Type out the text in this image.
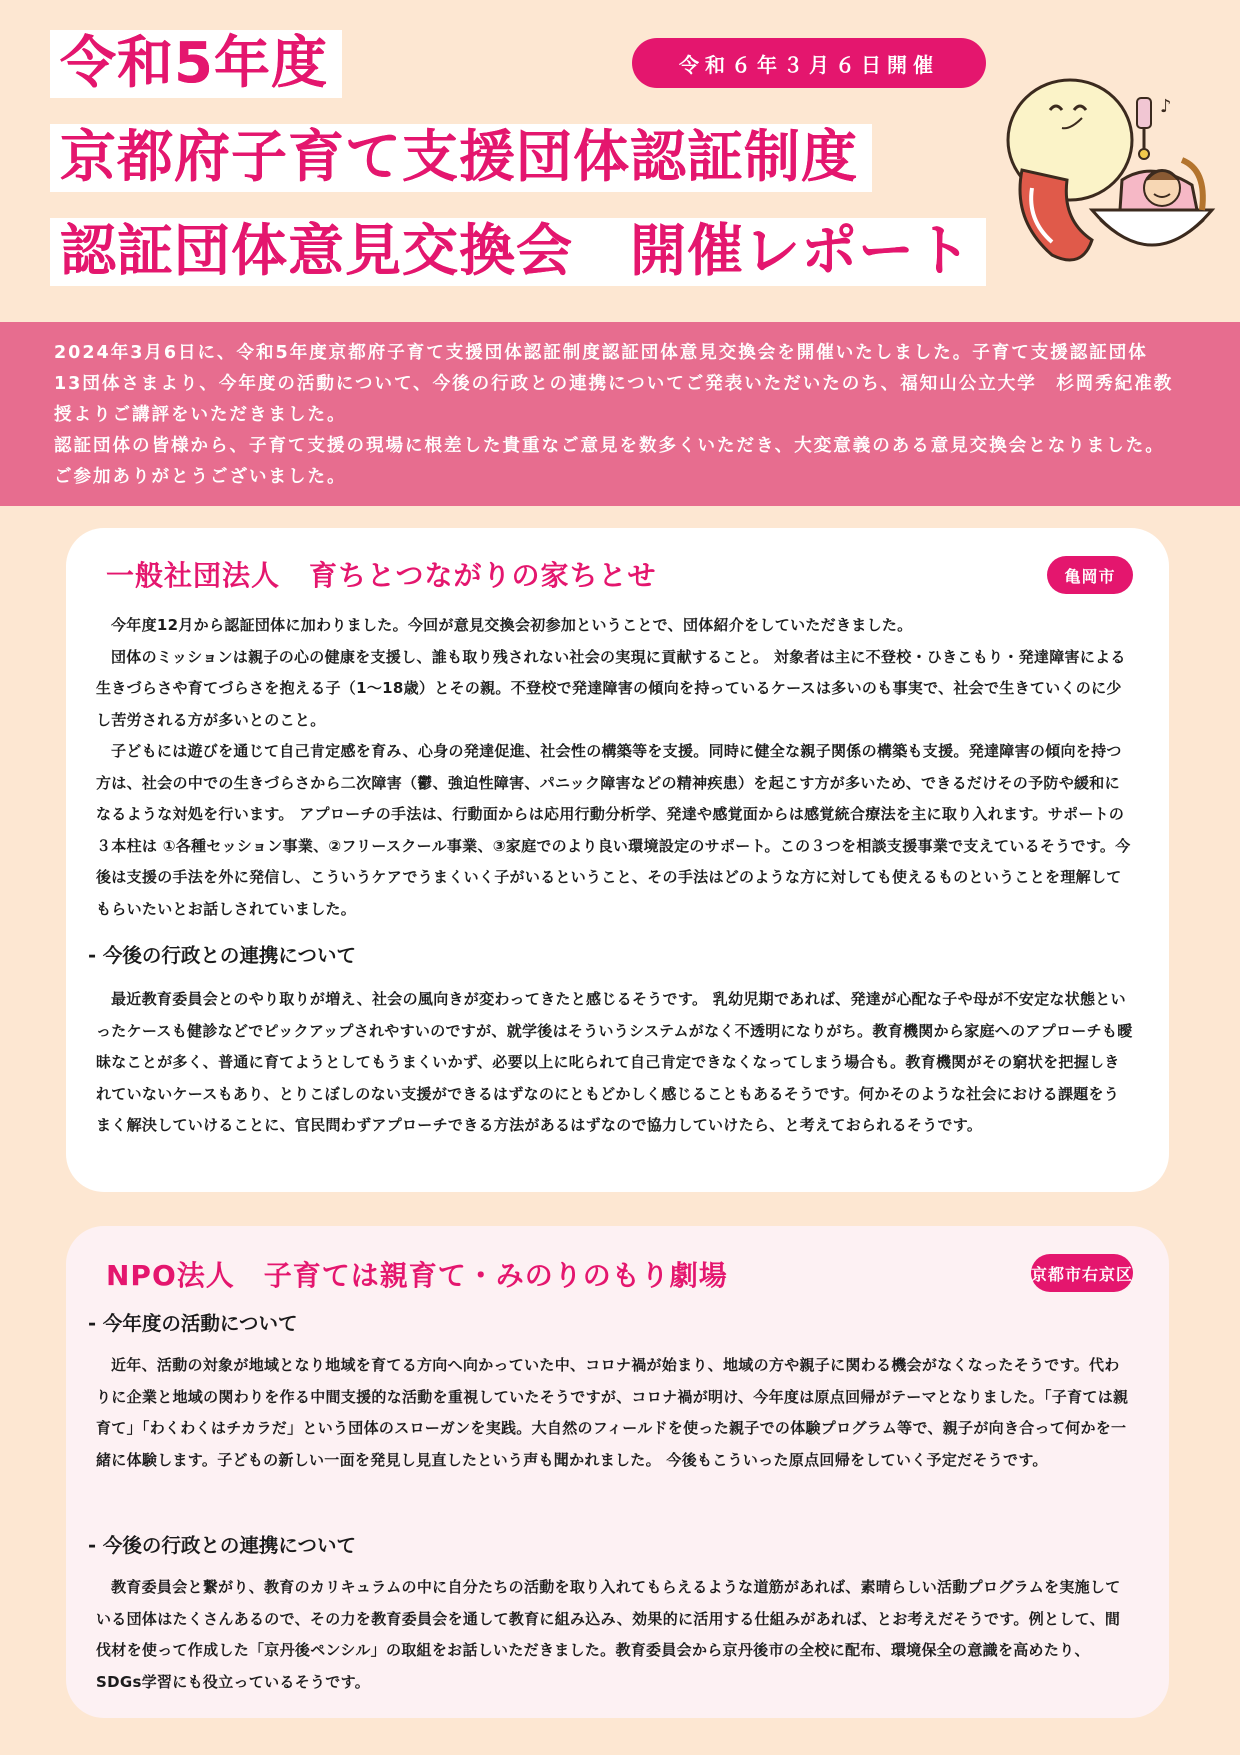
令和5年度
京都府子育て支援団体認証制度
認証団体意見交換会　開催レポート
令和６年３月６日開催
♪

2024年3月6日に、令和5年度京都府子育て支援団体認証制度認証団体意見交換会を開催いたしました。子育て支援認証団体13団体さまより、今年度の活動について、今後の行政との連携についてご発表いただいたのち、福知山公立大学　杉岡秀紀准教授よりご講評をいただきました。

認証団体の皆様から、子育て支援の現場に根差した貴重なご意見を数多くいただき、大変意義のある意見交換会となりました。ご参加ありがとうございました。

一般社団法人　育ちとつながりの家ちとせ	亀岡市

今年度12月から認証団体に加わりました。今回が意見交換会初参加ということで、団体紹介をしていただきました。

団体のミッションは親子の心の健康を支援し、誰も取り残されない社会の実現に貢献すること。 対象者は主に不登校・ひきこもり・発達障害による生きづらさや育てづらさを抱える子（1〜18歳）とその親。不登校で発達障害の傾向を持っているケースは多いのも事実で、社会で生きていくのに少し苦労される方が多いとのこと。

子どもには遊びを通じて自己肯定感を育み、心身の発達促進、社会性の構築等を支援。同時に健全な親子関係の構築も支援。発達障害の傾向を持つ方は、社会の中での生きづらさから二次障害（鬱、強迫性障害、パニック障害などの精神疾患）を起こす方が多いため、できるだけその予防や緩和になるような対処を行います。 アプローチの手法は、行動面からは応用行動分析学、発達や感覚面からは感覚統合療法を主に取り入れます。サポートの３本柱は ①各種セッション事業、②フリースクール事業、③家庭でのより良い環境設定のサポート。この３つを相談支援事業で支えているそうです。今後は支援の手法を外に発信し、こういうケアでうまくいく子がいるということ、その手法はどのような方に対しても使えるものということを理解してもらいたいとお話しされていました。

- 今後の行政との連携について

最近教育委員会とのやり取りが増え、社会の風向きが変わってきたと感じるそうです。 乳幼児期であれば、発達が心配な子や母が不安定な状態といったケースも健診などでピックアップされやすいのですが、就学後はそういうシステムがなく不透明になりがち。教育機関から家庭へのアプローチも曖昧なことが多く、普通に育てようとしてもうまくいかず、必要以上に叱られて自己肯定できなくなってしまう場合も。教育機関がその窮状を把握しきれていないケースもあり、とりこぼしのない支援ができるはずなのにともどかしく感じることもあるそうです。何かそのような社会における課題をうまく解決していけることに、官民問わずアプローチできる方法があるはずなので協力していけたら、と考えておられるそうです。

NPO法人　子育ては親育て・みのりのもり劇場	京都市右京区
- 今年度の活動について

近年、活動の対象が地域となり地域を育てる方向へ向かっていた中、コロナ禍が始まり、地域の方や親子に関わる機会がなくなったそうです。代わりに企業と地域の関わりを作る中間支援的な活動を重視していたそうですが、コロナ禍が明け、今年度は原点回帰がテーマとなりました。「子育ては親育て」「わくわくはチカラだ」という団体のスローガンを実践。大自然のフィールドを使った親子での体験プログラム等で、親子が向き合って何かを一緒に体験します。子どもの新しい一面を発見し見直したという声も聞かれました。 今後もこういった原点回帰をしていく予定だそうです。

- 今後の行政との連携について

教育委員会と繋がり、教育のカリキュラムの中に自分たちの活動を取り入れてもらえるような道筋があれば、素晴らしい活動プログラムを実施している団体はたくさんあるので、その力を教育委員会を通して教育に組み込み、効果的に活用する仕組みがあれば、とお考えだそうです。例として、間伐材を使って作成した「京丹後ペンシル」の取組をお話しいただきました。教育委員会から京丹後市の全校に配布、環境保全の意識を高めたり、SDGs学習にも役立っているそうです。
